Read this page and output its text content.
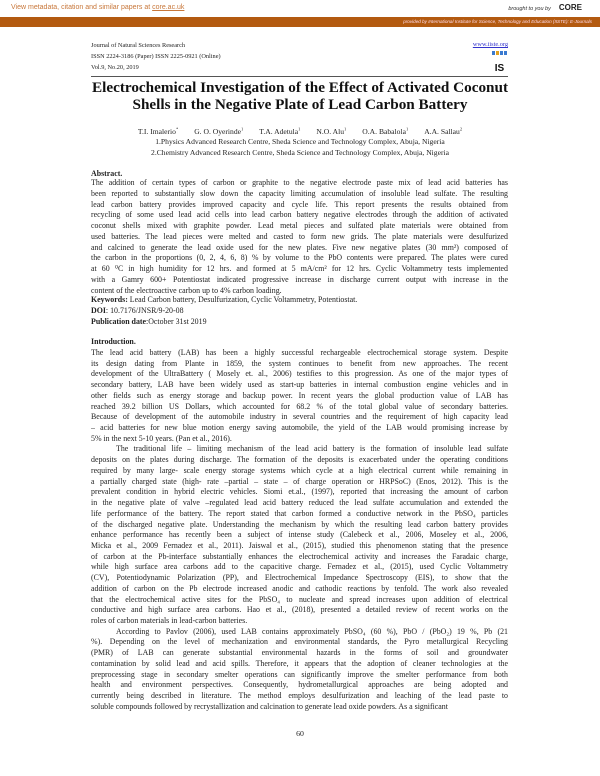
View metadata, citation and similar papers at core.ac.uk	brought to you by CORE
provided by International Institute for Science, Technology and Education (IISTE): E-Journals
Journal of Natural Sciences Research
ISSN 2224-3186 (Paper) ISSN 2225-0921 (Online)
Vol.9, No.20, 2019
www.iiste.org
IS
Electrochemical Investigation of the Effect of Activated Coconut
Shells in the Negative Plate of Lead Carbon Battery
T.I. Imalerio* G. O. Oyerinde$^1$ T.A. Adetula$^1$ N.O. Alu$^1$ O.A. Babalola$^1$ A.A. Sallau$^2$
1.Physics Advanced Research Centre, Sheda Science and Technology Complex, Abuja, Nigeria
2.Chemistry Advanced Research Centre, Sheda Science and Technology Complex, Abuja, Nigeria
Abstract.
The addition of certain types of carbon or graphite to the negative electrode paste mix of lead acid batteries has
been reported to substantially slow down the capacity limiting accumulation of insoluble lead sulfate. The resulting
lead carbon battery provides improved capacity and cycle life. This report presents the results obtained from
recycling of some used lead acid cells into lead carbon battery negative electrodes through the addition of activated
coconut shells mixed with graphite powder. Lead metal pieces and sulfated plate materials were obtained from
used batteries. The lead pieces were melted and casted to form new grids. The plate materials were desulfurized
and calcined to generate the lead oxide used for the new plates. Five new negative plates (30 mm²) composed of
the carbon in the proportions (0, 2, 4, 6, 8) % by volume to the PbO contents were prepared. The plates were cured
at 60 ⁰C in high humidity for 12 hrs. and formed at 5 mA/cm² for 12 hrs. Cyclic Voltammetry tests implemented
with a Gamry 600+ Potentiostat indicated progressive increase in discharge current output with increase in the
content of the electroactive carbon up to 4% carbon loading.
Keywords: Lead Carbon battery, Desulfurization, Cyclic Voltammetry, Potentiostat.
DOI: 10.7176/JNSR/9-20-08
Publication date:October 31st 2019
Introduction.
The lead acid battery (LAB) has been a highly successful rechargeable electrochemical storage system. Despite
its design dating from Plante in 1859, the system continues to benefit from new approaches. The recent
development of the UltraBattery ( Mosely et. al., 2006) testifies to this progression. As one of the major types of
secondary battery, LAB have been widely used as start-up batteries in internal combustion engine vehicles and in
other fields such as energy storage and backup power. In recent years the global production value of LAB has
reached 39.2 billion US Dollars, which accounted for 68.2 % of the total global value of secondary batteries.
Because of development of the automobile industry in several countries and the requirement of high capacity lead
– acid batteries for new blue motion energy saving automobile, the yield of the LAB would promising increase by
5% in the next 5-10 years. (Pan et al., 2016).
The traditional life – limiting mechanism of the lead acid battery is the formation of insoluble lead sulfate
deposits on the plates during discharge. The formation of the deposits is exacerbated under the operating conditions
required by many large- scale energy storage systems which cycle at a high electrical current while remaining in
a partially charged state (high- rate –partial – state – of charge operation or HRPSoC) (Enos, 2012). This is the
prevalent condition in hybrid electric vehicles. Siomi et.al., (1997), reported that increasing the amount of carbon
in the negative plate of valve –regulated lead acid battery reduced the lead sulfate accumulation and extended the
life performance of the battery. The report stated that carbon formed a conductive network in the PbSO₄ particles
of the discharged negative plate. Understanding the mechanism by which the resulting lead carbon battery provides
enhance performance has recently been a subject of intense study (Calebeck et al., 2006, Moseley et al., 2006,
Micka et al., 2009 Fernadez et al., 2011). Jaiswal et al., (2015), studied this phenomenon stating that the presence
of carbon at the Pb-interface substantially enhances the electrochemical activity and increases the Faradaic charge,
while high surface area carbons add to the capacitive charge. Fernadez et al., (2015), used Cyclic Voltammetry
(CV), Potentiodynamic Polarization (PP), and Electrochemical Impedance Spectroscopy (EIS), to show that the
addition of carbon on the Pb electrode increased anodic and cathodic reactions by tenfold. The work also revealed
that the electrochemical active sites for the PbSO₄ to nucleate and spread increases upon addition of electrical
conductive and high surface area carbons. Hao et al., (2018), presented a detailed review of recent works on the
roles of carbon materials in lead-carbon batteries.
According to Pavlov (2006), used LAB contains approximately PbSO₄ (60 %), PbO / (PbO₂) 19 %, Pb (21
%). Depending on the level of mechanization and environmental standards, the Pyro metallurgical Recycling
(PMR) of LAB can generate substantial environmental hazards in the forms of soil and groundwater
contamination by solid lead and acid spills. Therefore, it appears that the adoption of cleaner technologies at the
preprocessing stage in secondary smelter operations can significantly improve the smelter performance from both
health and environment perspectives. Consequently, hydrometallurgical approaches are being adopted and
currently being described in literature. The method employs desulfurization and leaching of the lead paste to
soluble compounds followed by recrystallization and calcination to generate lead oxide powders. As a significant
60
